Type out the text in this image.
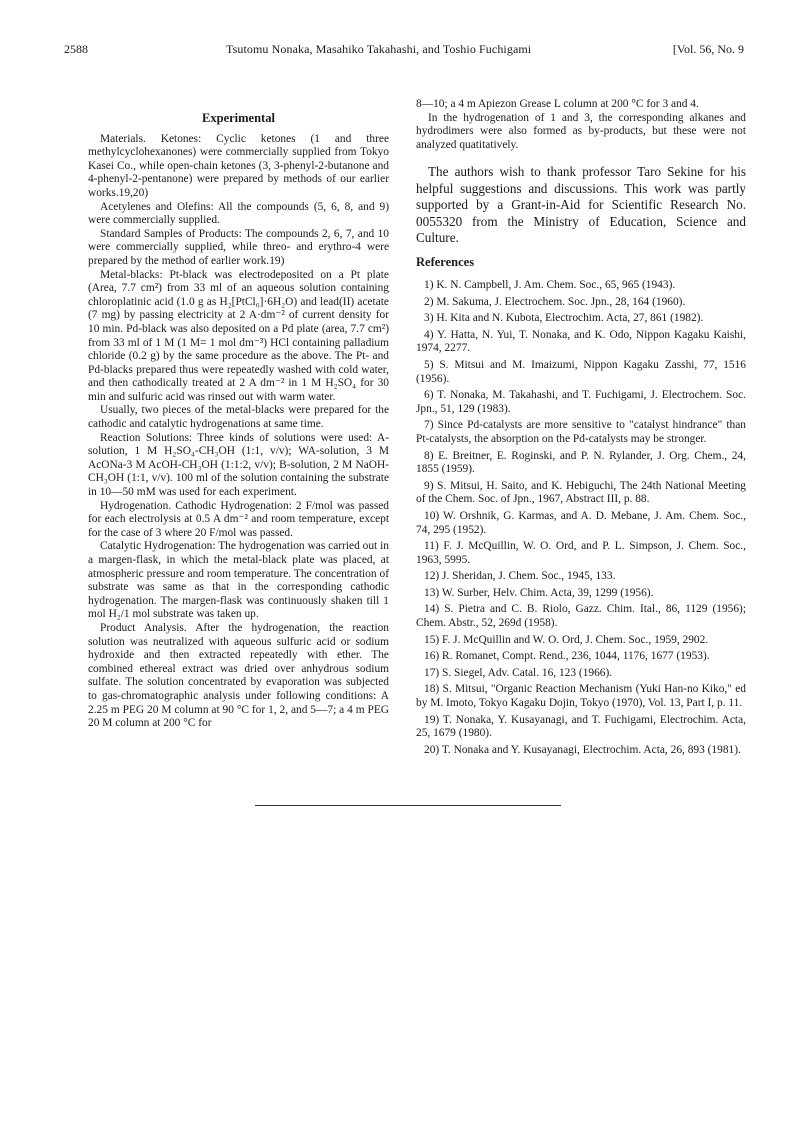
2588	Tsutomu Nonaka, Masahiko Takahashi, and Toshio Fuchigami	[Vol. 56, No. 9
Experimental

Materials. Ketones: Cyclic ketones (1 and three methylcyclohexanones) were commercially supplied from Tokyo Kasei Co., while open-chain ketones (3, 3-phenyl-2-butanone and 4-phenyl-2-pentanone) were prepared by methods of our earlier works.19,20)

Acetylenes and Olefins: All the compounds (5, 6, 8, and 9) were commercially supplied.

Standard Samples of Products: The compounds 2, 6, 7, and 10 were commercially supplied, while threo- and erythro-4 were prepared by the method of earlier work.19)

Metal-blacks: Pt-black was electrodeposited on a Pt plate (Area, 7.7 cm²) from 33 ml of an aqueous solution containing chloroplatinic acid (1.0 g as H₂[PtCl₆]·6H₂O) and lead(II) acetate (7 mg) by passing electricity at 2 A·dm⁻² of current density for 10 min. Pd-black was also deposited on a Pd plate (area, 7.7 cm²) from 33 ml of 1 M (1 M= 1 mol dm⁻³) HCl containing palladium chloride (0.2 g) by the same procedure as the above. The Pt- and Pd-blacks prepared thus were repeatedly washed with cold water, and then cathodically treated at 2 A dm⁻² in 1 M H₂SO₄ for 30 min and sulfuric acid was rinsed out with warm water.

Usually, two pieces of the metal-blacks were prepared for the cathodic and catalytic hydrogenations at same time.

Reaction Solutions: Three kinds of solutions were used: A-solution, 1 M H₂SO₄-CH₃OH (1:1, v/v); WA-solution, 3 M AcONa-3 M AcOH-CH₃OH (1:1:2, v/v); B-solution, 2 M NaOH-CH₃OH (1:1, v/v). 100 ml of the solution containing the substrate in 10—50 mM was used for each experiment.

Hydrogenation. Cathodic Hydrogenation: 2 F/mol was passed for each electrolysis at 0.5 A dm⁻² and room temperature, except for the case of 3 where 20 F/mol was passed.

Catalytic Hydrogenation: The hydrogenation was carried out in a margen-flask, in which the metal-black plate was placed, at atmospheric pressure and room temperature. The concentration of substrate was same as that in the corresponding cathodic hydrogenation. The margen-flask was continuously shaken till 1 mol H₂/1 mol substrate was taken up.

Product Analysis. After the hydrogenation, the reaction solution was neutralized with aqueous sulfuric acid or sodium hydroxide and then extracted repeatedly with ether. The combined ethereal extract was dried over anhydrous sodium sulfate. The solution concentrated by evaporation was subjected to gas-chromatographic analysis under following conditions: A 2.25 m PEG 20 M column at 90 °C for 1, 2, and 5—7; a 4 m PEG 20 M column at 200 °C for

8—10; a 4 m Apiezon Grease L column at 200 °C for 3 and 4.

In the hydrogenation of 1 and 3, the corresponding alkanes and hydrodimers were also formed as by-products, but these were not analyzed quatitatively.

The authors wish to thank professor Taro Sekine for his helpful suggestions and discussions. This work was partly supported by a Grant-in-Aid for Scientific Research No. 0055320 from the Ministry of Education, Science and Culture.
References
1) K. N. Campbell, J. Am. Chem. Soc., 65, 965 (1943).
2) M. Sakuma, J. Electrochem. Soc. Jpn., 28, 164 (1960).
3) H. Kita and N. Kubota, Electrochim. Acta, 27, 861 (1982).
4) Y. Hatta, N. Yui, T. Nonaka, and K. Odo, Nippon Kagaku Kaishi, 1974, 2277.
5) S. Mitsui and M. Imaizumi, Nippon Kagaku Zasshi, 77, 1516 (1956).
6) T. Nonaka, M. Takahashi, and T. Fuchigami, J. Electrochem. Soc. Jpn., 51, 129 (1983).
7) Since Pd-catalysts are more sensitive to "catalyst hindrance" than Pt-catalysts, the absorption on the Pd-catalysts may be stronger.
8) E. Breitner, E. Roginski, and P. N. Rylander, J. Org. Chem., 24, 1855 (1959).
9) S. Mitsui, H. Saito, and K. Hebiguchi, The 24th National Meeting of the Chem. Soc. of Jpn., 1967, Abstract III, p. 88.
10) W. Orshnik, G. Karmas, and A. D. Mebane, J. Am. Chem. Soc., 74, 295 (1952).
11) F. J. McQuillin, W. O. Ord, and P. L. Simpson, J. Chem. Soc., 1963, 5995.
12) J. Sheridan, J. Chem. Soc., 1945, 133.
13) W. Surber, Helv. Chim. Acta, 39, 1299 (1956).
14) S. Pietra and C. B. Riolo, Gazz. Chim. Ital., 86, 1129 (1956); Chem. Abstr., 52, 269d (1958).
15) F. J. McQuillin and W. O. Ord, J. Chem. Soc., 1959, 2902.
16) R. Romanet, Compt. Rend., 236, 1044, 1176, 1677 (1953).
17) S. Siegel, Adv. Catal. 16, 123 (1966).
18) S. Mitsui, "Organic Reaction Mechanism (Yuki Han-no Kiko," ed by M. Imoto, Tokyo Kagaku Dojin, Tokyo (1970), Vol. 13, Part I, p. 11.
19) T. Nonaka, Y. Kusayanagi, and T. Fuchigami, Electrochim. Acta, 25, 1679 (1980).
20) T. Nonaka and Y. Kusayanagi, Electrochim. Acta, 26, 893 (1981).
